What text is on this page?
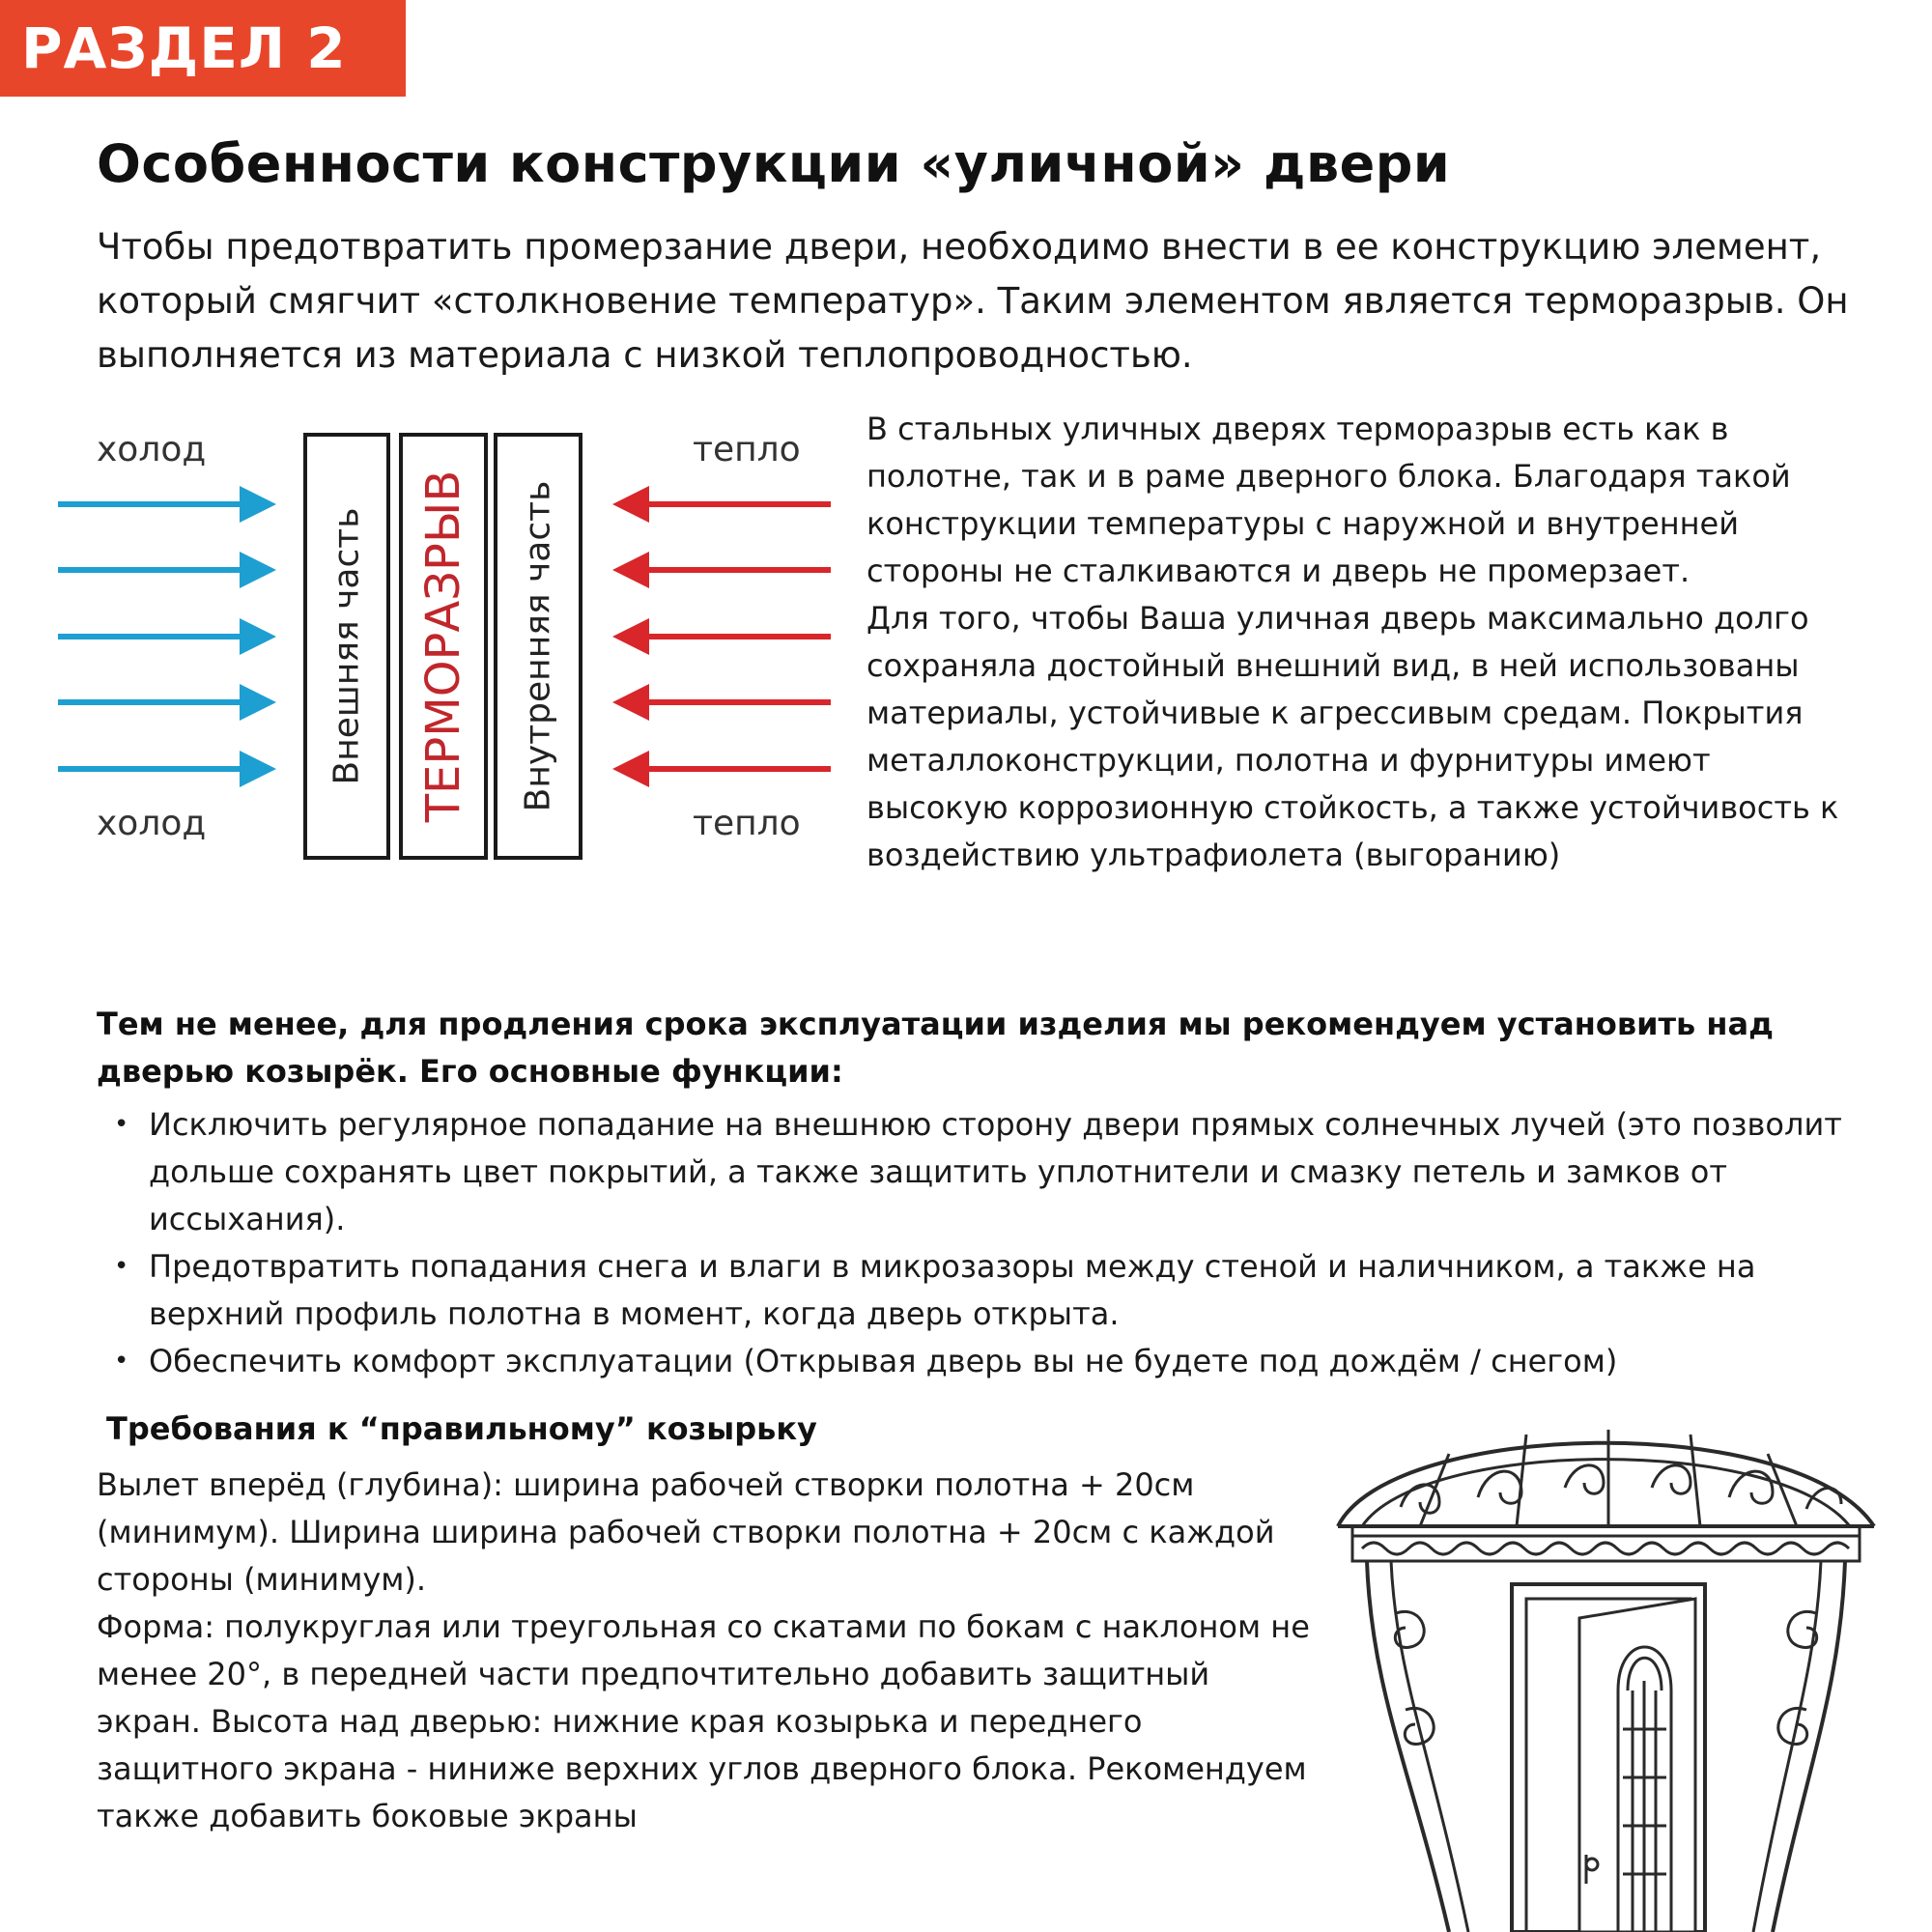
РАЗДЕЛ 2
Особенности конструкции «уличной» двери

Чтобы предотвратить промерзание двери, необходимо внести в ее конструкцию элемент, который смягчит «столкновение температур». Таким элементом является терморазрыв. Он выполняется из материала с низкой теплопроводностью.

холод
холод
тепло
тепло
Внешняя часть ТЕРМОРАЗРЫВ Внутренняя часть

В стальных уличных дверях терморазрыв есть как в полотне, так и в раме дверного блока. Благодаря такой конструкции температуры с наружной и внутренней стороны не сталкиваются и дверь не промерзает.

Для того, чтобы Ваша уличная дверь максимально долго сохраняла достойный внешний вид, в ней использованы материалы, устойчивые к агрессивым средам. Покрытия металлоконструкции, полотна и фурнитуры имеют высокую коррозионную стойкость, а также устойчивость к воздействию ультрафиолета (выгоранию)

Тем не менее, для продления срока эксплуатации изделия мы рекомендуем установить над дверью козырёк. Его основные функции:

• Исключить регулярное попадание на внешнюю сторону двери прямых солнечных лучей (это позволит дольше сохранять цвет покрытий, а также защитить уплотнители и смазку петель и замков от иссыхания).
• Предотвратить попадания снега и влаги в микрозазоры между стеной и наличником, а также на верхний профиль полотна в момент, когда дверь открыта.
• Обеспечить комфорт эксплуатации (Открывая дверь вы не будете под дождём / снегом)
Требования к “правильному” козырьку

Вылет вперёд (глубина): ширина рабочей створки полотна + 20см (минимум). Ширина ширина рабочей створки полотна + 20см с каждой стороны (минимум).

Форма: полукруглая или треугольная со скатами по бокам с наклоном не менее 20°, в передней части предпочтительно добавить защитный экран. Высота над дверью: нижние края козырька и переднего защитного экрана - ниниже верхних углов дверного блока. Рекомендуем также добавить боковые экраны
